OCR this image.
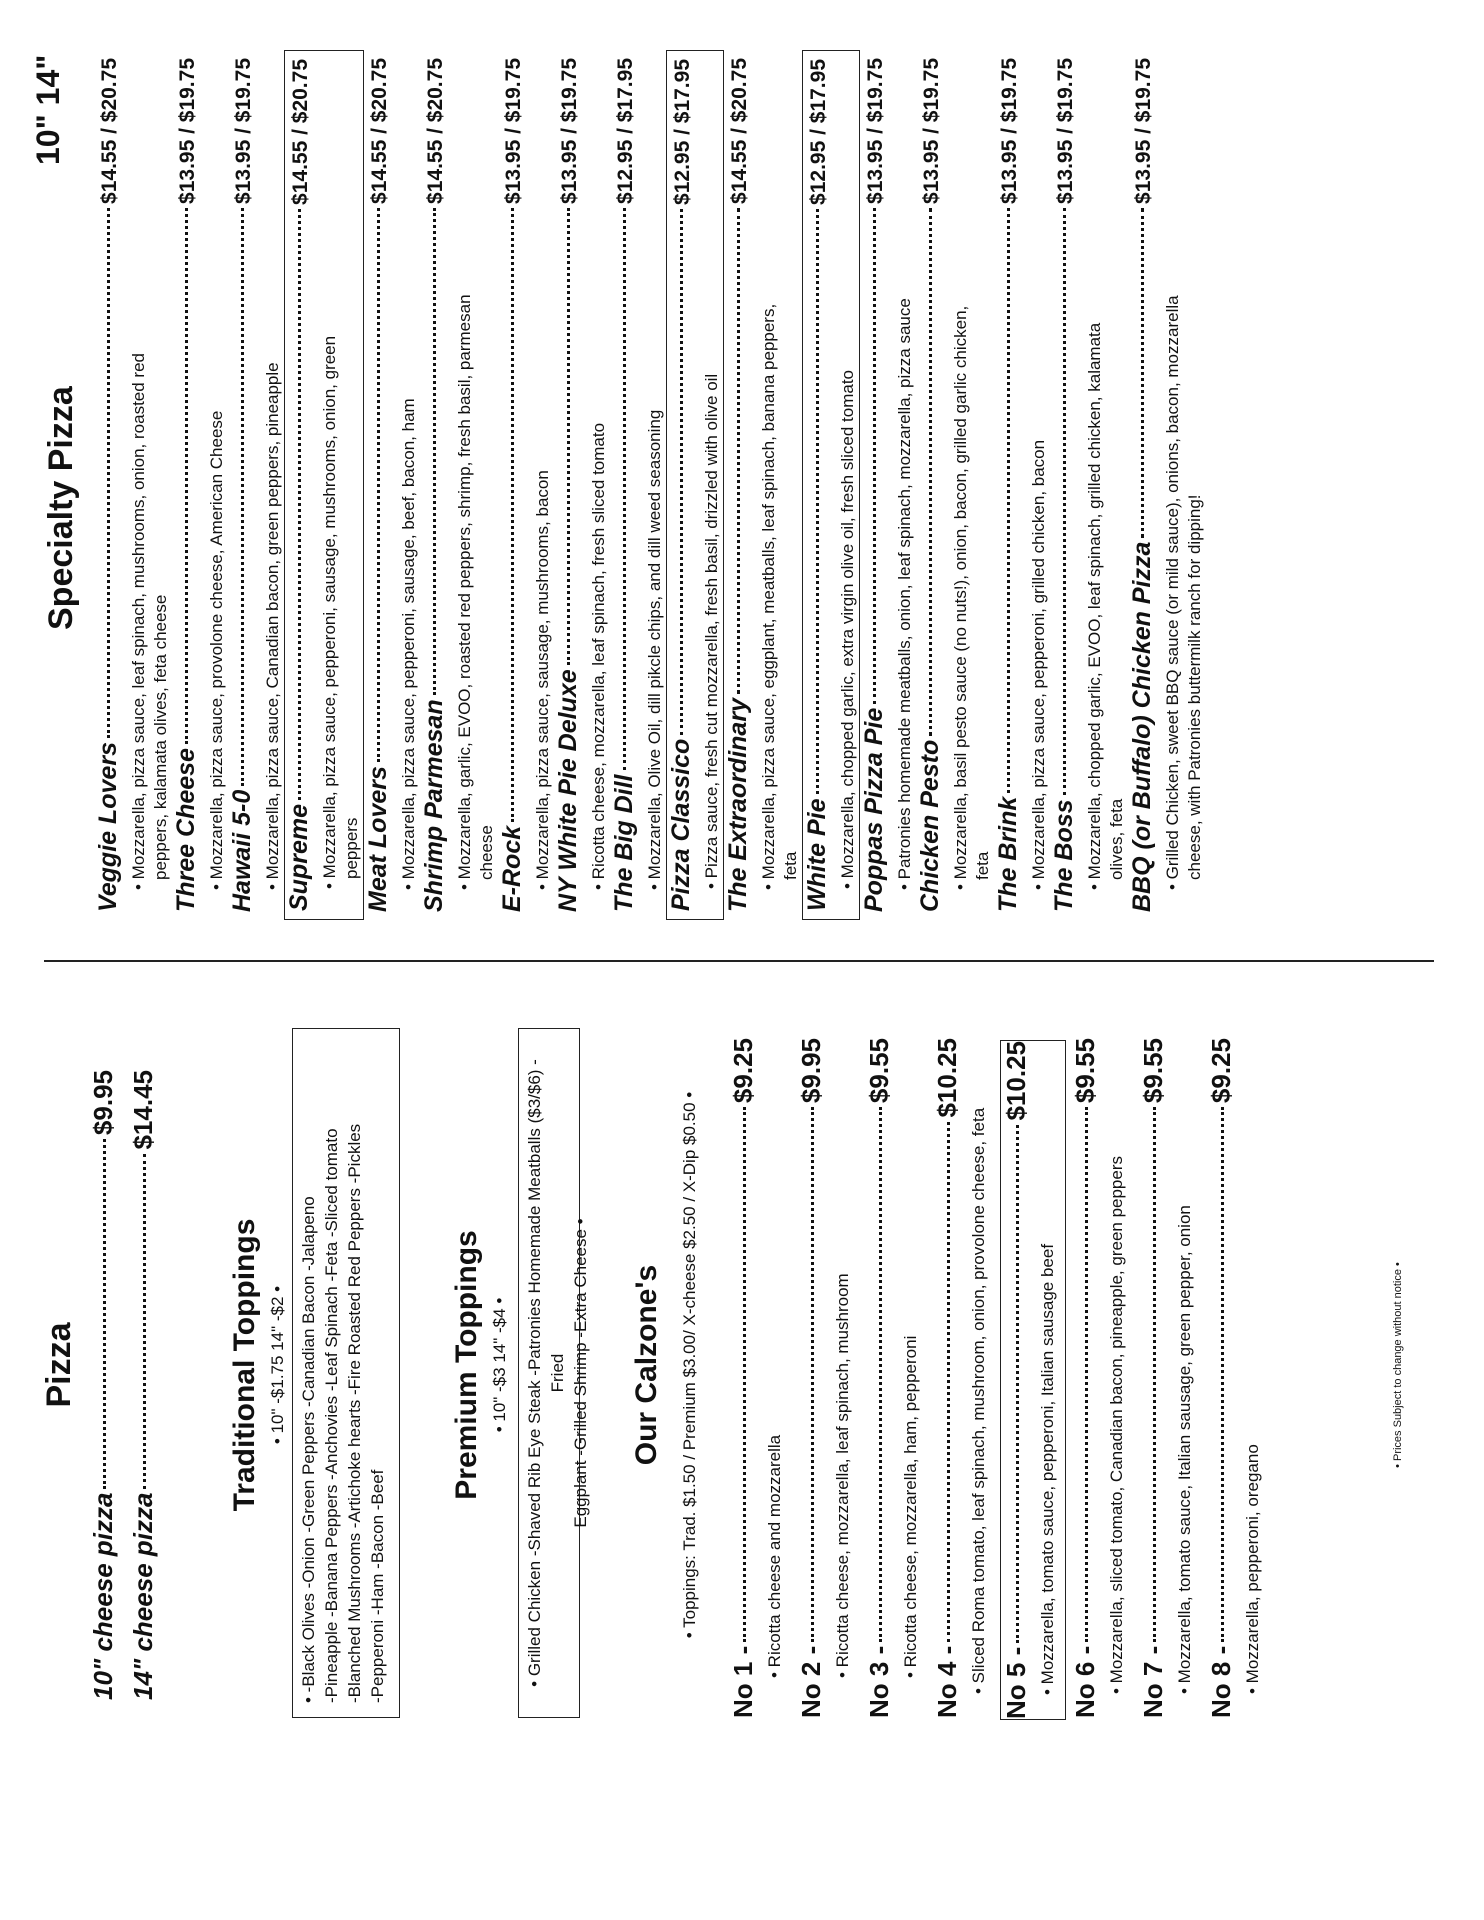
Pizza
10" cheese pizza
$9.95
14" cheese pizza
$14.45
Traditional Toppings • 10" -$1.75 14" -$2 • • -Black Olives -Onion -Green Peppers -Canadian Bacon -Jalapeno -Pineapple -Banana Peppers -Anchovies -Leaf Spinach -Feta -Sliced tomato -Blanched Mushrooms -Artichoke hearts -Fire Roasted Red Peppers -Pickles -Pepperoni -Ham -Bacon -Beef
Premium Toppings • 10" -$3 14" -$4 • • Grilled Chicken -Shaved Rib Eye Steak -Patronies Homemade Meatballs ($3/$6) -Fried Eggplant -Grilled Shrimp -Extra Cheese • Our Calzone's • Toppings: Trad. $1.50 / Premium $3.00/ X-cheese $2.50 / X-Dip $0.50 •
No 1 -
$9.25
• Ricotta cheese and mozzarella
No 2 -
$9.95
• Ricotta cheese, mozzarella, leaf spinach, mushroom
No 3 -
$9.55
• Ricotta cheese, mozzarella, ham, pepperoni
No 4 -
$10.25
• Sliced Roma tomato, leaf spinach, mushroom, onion, provolone cheese, feta No 5 -
$10.25
• Mozzarella, tomato sauce, pepperoni, Italian sausage beef No 6 -
$9.55
• Mozzarella, sliced tomato, Canadian bacon, pineapple, green peppers No 7 -
$9.55
• Mozzarella, tomato sauce, Italian sausage, green pepper, onion No 8 -
$9.25
• Mozzarella, pepperoni, oregano
• Prices Subject to change without notice •
Specialty Pizza
10" 14"
Veggie Lovers
$14.55 / $20.75
• Mozzarella, pizza sauce, leaf spinach, mushrooms, onion, roasted red peppers, kalamata olives, feta cheese Three Cheese
$13.95 / $19.75
• Mozzarella, pizza sauce, provolone cheese, American Cheese Hawaii 5-0
$13.95 / $19.75
• Mozzarella, pizza sauce, Canadian bacon, green peppers, pineapple Supreme
$14.55 / $20.75
• Mozzarella, pizza sauce, pepperoni, sausage, mushrooms, onion, green peppers Meat Lovers
$14.55 / $20.75
• Mozzarella, pizza sauce, pepperoni, sausage, beef, bacon, ham Shrimp Parmesan
$14.55 / $20.75
• Mozzarella, garlic, EVOO, roasted red peppers, shrimp, fresh basil, parmesan cheese E-Rock
$13.95 / $19.75
• Mozzarella, pizza sauce, sausage, mushrooms, bacon NY White Pie Deluxe
$13.95 / $19.75
• Ricotta cheese, mozzarella, leaf spinach, fresh sliced tomato The Big Dill
$12.95 / $17.95
• Mozzarella, Olive Oil, dill pikcle chips, and dill weed seasoning Pizza Classico
$12.95 / $17.95
• Pizza sauce, fresh cut mozzarella, fresh basil, drizzled with olive oil The Extraordinary
$14.55 / $20.75
• Mozzarella, pizza sauce, eggplant, meatballs, leaf spinach, banana peppers, feta White Pie
$12.95 / $17.95
• Mozzarella, chopped garlic, extra virgin olive oil, fresh sliced tomato Poppas Pizza Pie
$13.95 / $19.75
• Patronies homemade meatballs, onion, leaf spinach, mozzarella, pizza sauce Chicken Pesto
$13.95 / $19.75
• Mozzarella, basil pesto sauce (no nuts!), onion, bacon, grilled garlic chicken, feta The Brink
$13.95 / $19.75
• Mozzarella, pizza sauce, pepperoni, grilled chicken, bacon The Boss
$13.95 / $19.75
• Mozzarella, chopped garlic, EVOO, leaf spinach, grilled chicken, kalamata olives, feta BBQ (or Buffalo) Chicken Pizza
$13.95 / $19.75
• Grilled Chicken, sweet BBQ sauce (or mild sauce), onions, bacon, mozzarella cheese, with Patronies buttermilk ranch for dipping!
